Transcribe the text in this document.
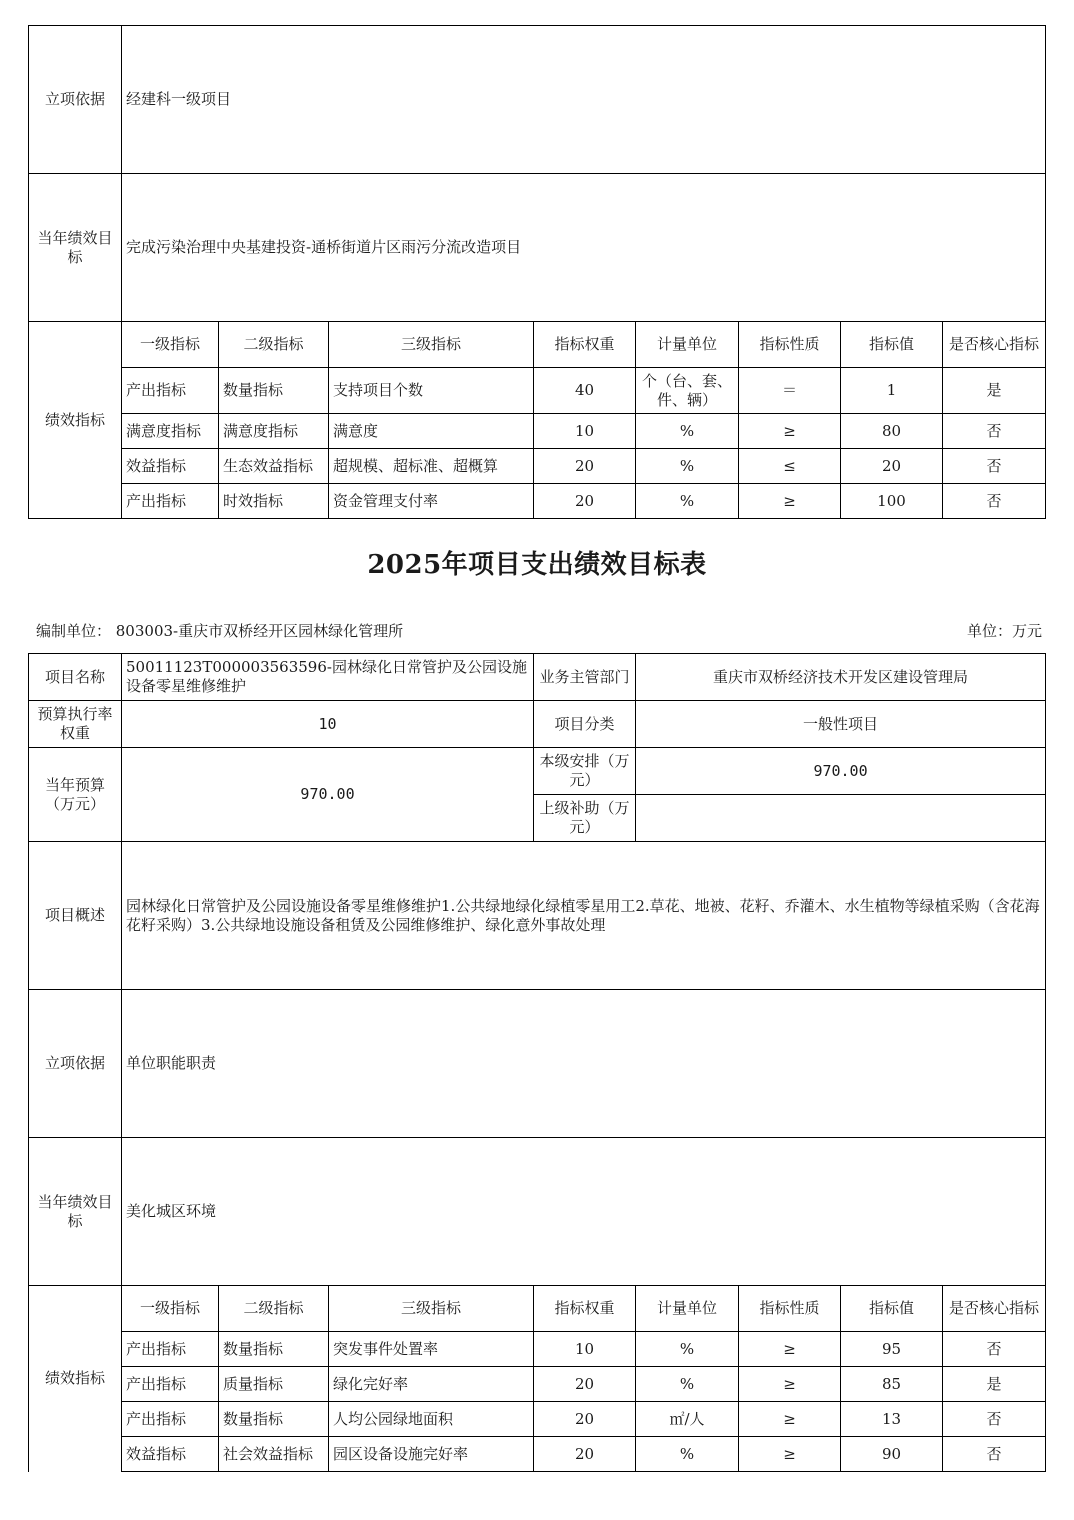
立项依据	经建科一级项目							
当年绩效目标	完成污染治理中央基建投资-通桥街道片区雨污分流改造项目							
绩效指标	一级指标	二级指标	三级指标	指标权重	计量单位	指标性质	指标值	是否核心指标
	产出指标	数量指标	支持项目个数	40	个（台、套、件、辆）	＝	1	是
	满意度指标	满意度指标	满意度	10	%	≥	80	否
	效益指标	生态效益指标	超规模、超标准、超概算	20	%	≤	20	否
	产出指标	时效指标	资金管理支付率	20	%	≥	100	否
2025年项目支出绩效目标表
编制单位： 803003-重庆市双桥经开区园林绿化管理所	单位：万元
项目名称	50011123T000003563596-园林绿化日常管护及公园设施设备零星维修维护			业务主管部门	重庆市双桥经济技术开发区建设管理局			
预算执行率权重	10			项目分类	一般性项目			
当年预算（万元）	970.00			本级安排（万元）	970.00			
				上级补助（万元）				
项目概述	园林绿化日常管护及公园设施设备零星维修维护1.公共绿地绿化绿植零星用工2.草花、地被、花籽、乔灌木、水生植物等绿植采购（含花海花籽采购）3.公共绿地设施设备租赁及公园维修维护、绿化意外事故处理							
立项依据	单位职能职责							
当年绩效目标	美化城区环境							
绩效指标	一级指标	二级指标	三级指标	指标权重	计量单位	指标性质	指标值	是否核心指标
	产出指标	数量指标	突发事件处置率	10	%	≥	95	否
	产出指标	质量指标	绿化完好率	20	%	≥	85	是
	产出指标	数量指标	人均公园绿地面积	20	㎡/人	≥	13	否
	效益指标	社会效益指标	园区设备设施完好率	20	%	≥	90	否
